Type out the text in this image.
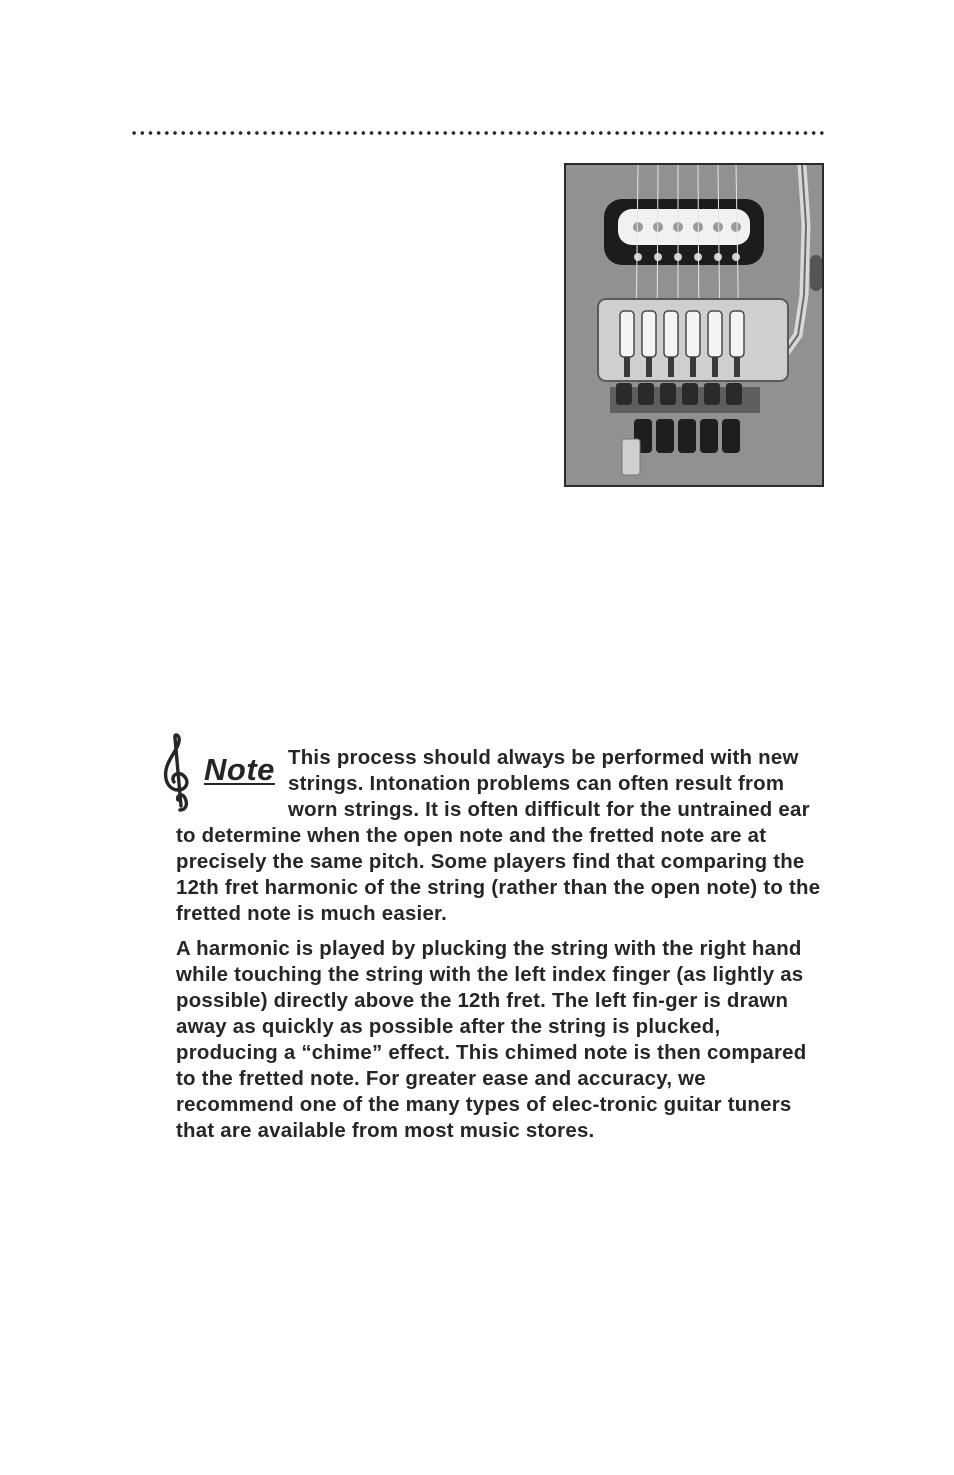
Note This process should always be performed with new strings. Intonation problems can often result from worn strings. It is often difficult for the untrained ear to determine when the open note and the fretted note are at precisely the same pitch. Some players find that comparing the 12th fret harmonic of the string (rather than the open note) to the fretted note is much easier.

A harmonic is played by plucking the string with the right hand while touching the string with the left index finger (as lightly as possible) directly above the 12th fret. The left fin-ger is drawn away as quickly as possible after the string is plucked, producing a “chime” effect. This chimed note is then compared to the fretted note. For greater ease and accuracy, we recommend one of the many types of elec-tronic guitar tuners that are available from most music stores.
